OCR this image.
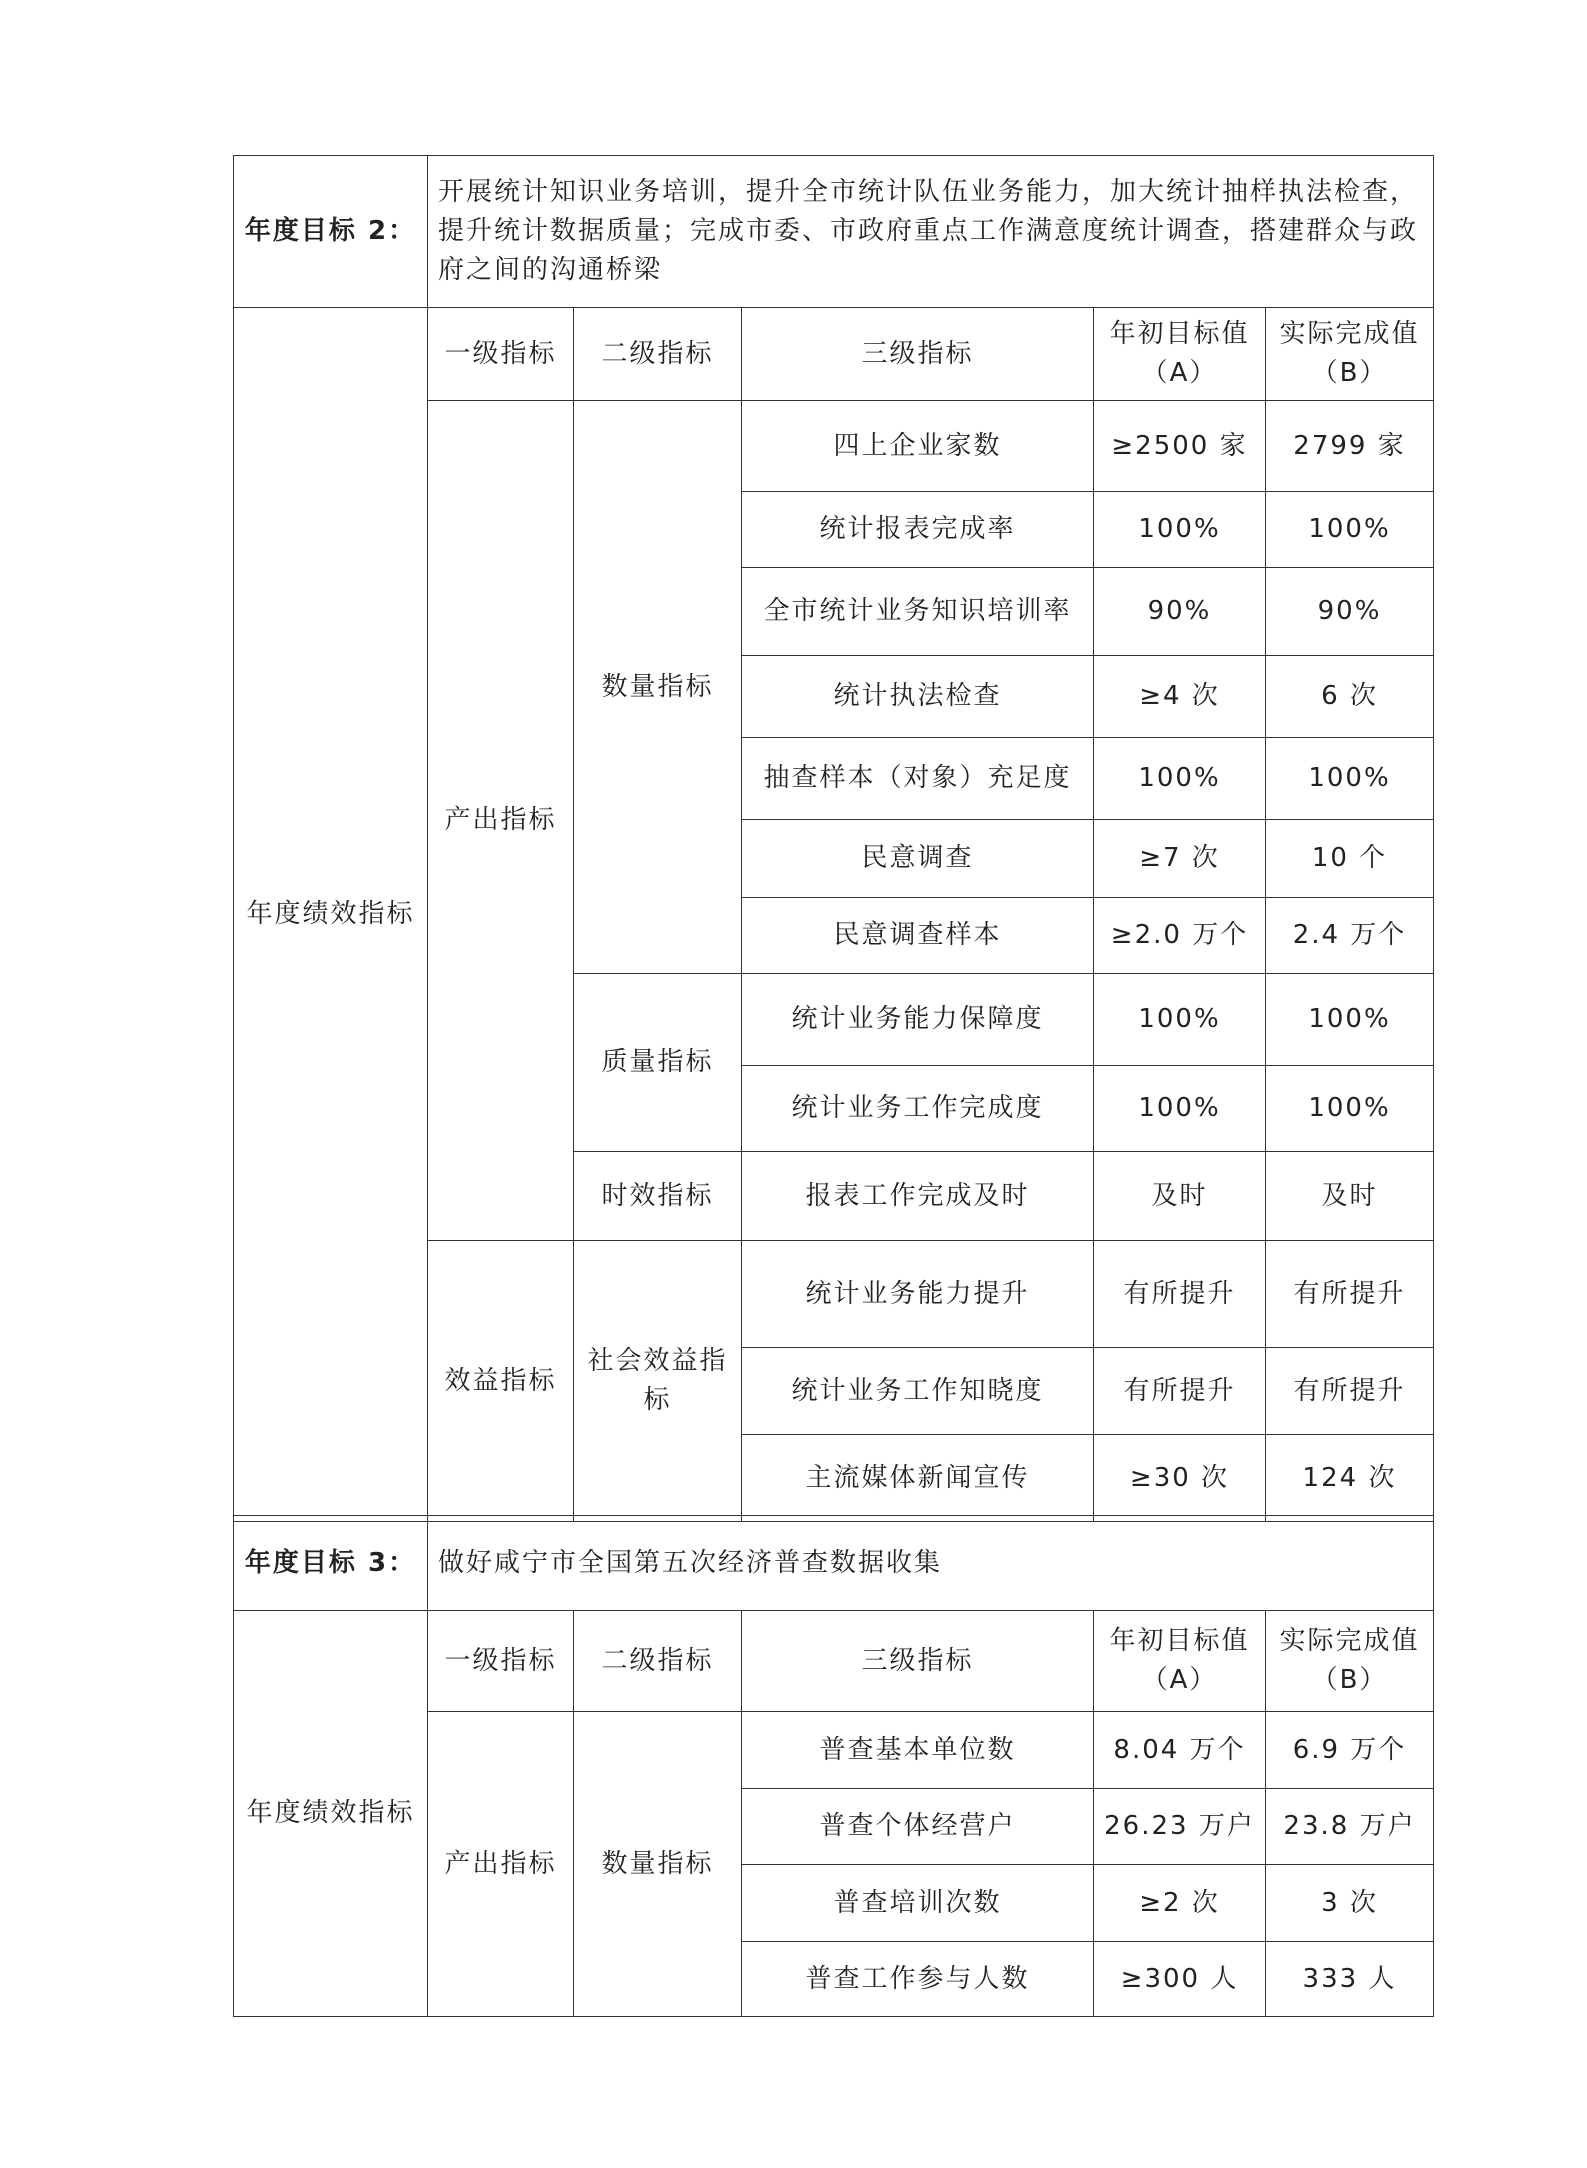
年度目标 2：	开展统计知识业务培训，提升全市统计队伍业务能力，加大统计抽样执法检查，提升统计数据质量；完成市委、市政府重点工作满意度统计调查，搭建群众与政府之间的沟通桥梁				
年度绩效指标	一级指标	二级指标	三级指标	年初目标值（A）	实际完成值（B）
	产出指标	数量指标	四上企业家数	≥2500 家	2799 家
			统计报表完成率	100%	100%
			全市统计业务知识培训率	90%	90%
			统计执法检查	≥4 次	6 次
			抽查样本（对象）充足度	100%	100%
			民意调查	≥7 次	10 个
			民意调查样本	≥2.0 万个	2.4 万个
		质量指标	统计业务能力保障度	100%	100%
			统计业务工作完成度	100%	100%
		时效指标	报表工作完成及时	及时	及时
	效益指标	社会效益指标	统计业务能力提升	有所提升	有所提升
			统计业务工作知晓度	有所提升	有所提升
			主流媒体新闻宣传	≥30 次	124 次
年度目标 3：	做好咸宁市全国第五次经济普查数据收集				
年度绩效指标	一级指标	二级指标	三级指标	年初目标值（A）	实际完成值（B）
	产出指标	数量指标	普查基本单位数	8.04 万个	6.9 万个
			普查个体经营户	26.23 万户	23.8 万户
			普查培训次数	≥2 次	3 次
			普查工作参与人数	≥300 人	333 人
